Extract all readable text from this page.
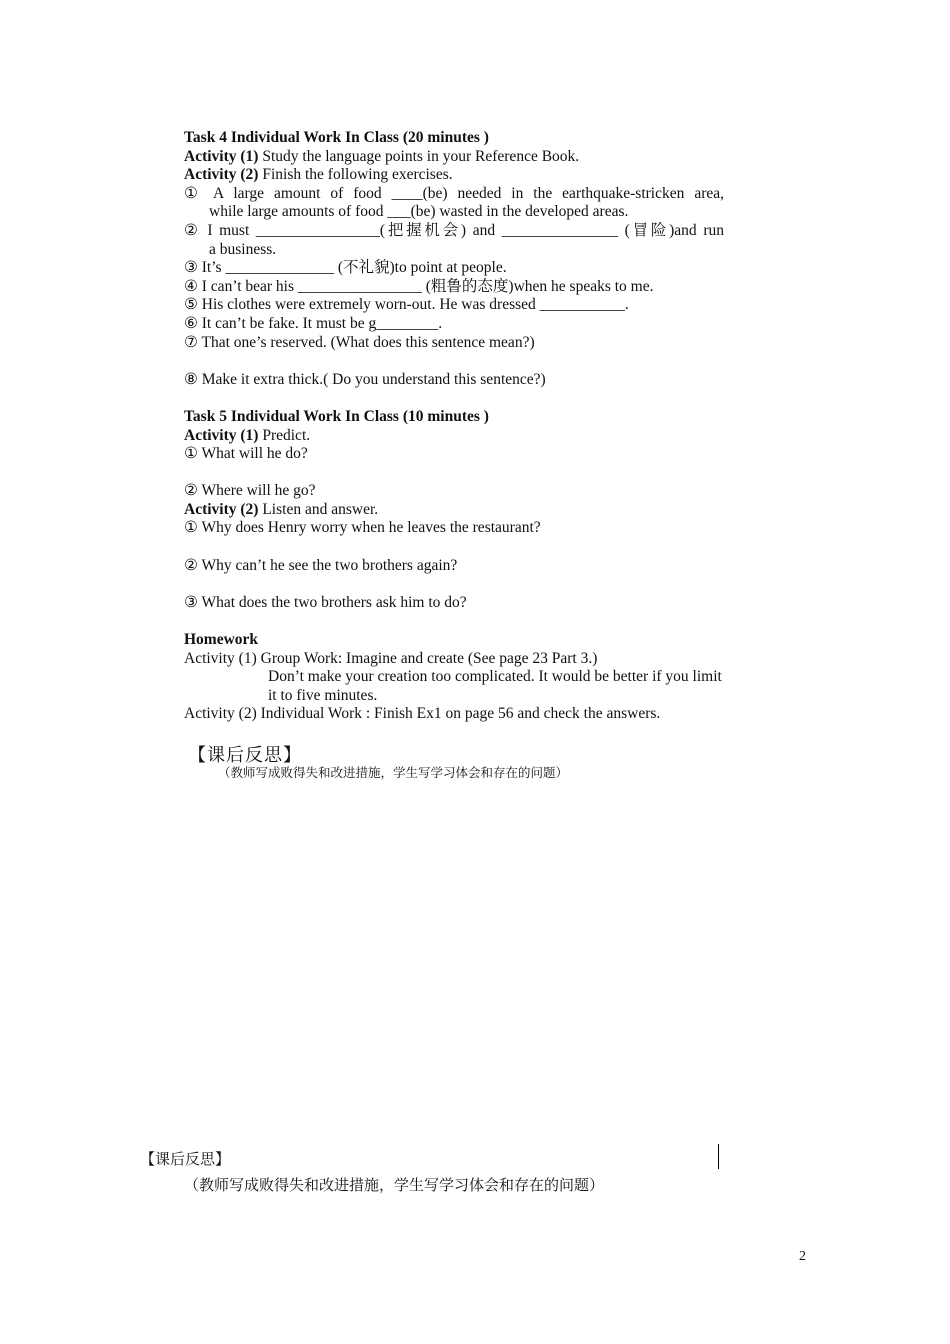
Task 4 Individual Work In Class (20 minutes )
Activity (1) Study the language points in your Reference Book.
Activity (2) Finish the following exercises.
① A large amount of food ____(be) needed in the earthquake-stricken area,
while large amounts of food ___(be) wasted in the developed areas.
② I must ________________(把握机会) and _______________ (冒险)and run
a business.
③ It’s ______________ (不礼貌)to point at people.
④ I can’t bear his ________________ (粗鲁的态度)when he speaks to me.
⑤ His clothes were extremely worn-out. He was dressed ___________.
⑥ It can’t be fake. It must be g________.
⑦ That one’s reserved. (What does this sentence mean?)
⑧ Make it extra thick.( Do you understand this sentence?)
Task 5 Individual Work In Class (10 minutes )
Activity (1) Predict.
① What will he do?
② Where will he go?
Activity (2) Listen and answer.
① Why does Henry worry when he leaves the restaurant?
② Why can’t he see the two brothers again?
③ What does the two brothers ask him to do?
Homework
Activity (1) Group Work: Imagine and create (See page 23 Part 3.)
Don’t make your creation too complicated. It would be better if you limit it to five minutes.
Activity (2) Individual Work : Finish Ex1 on page 56 and check the answers.
【课后反思】
（教师写成败得失和改进措施，学生写学习体会和存在的问题）
【课后反思】
（教师写成败得失和改进措施，学生写学习体会和存在的问题）
2
